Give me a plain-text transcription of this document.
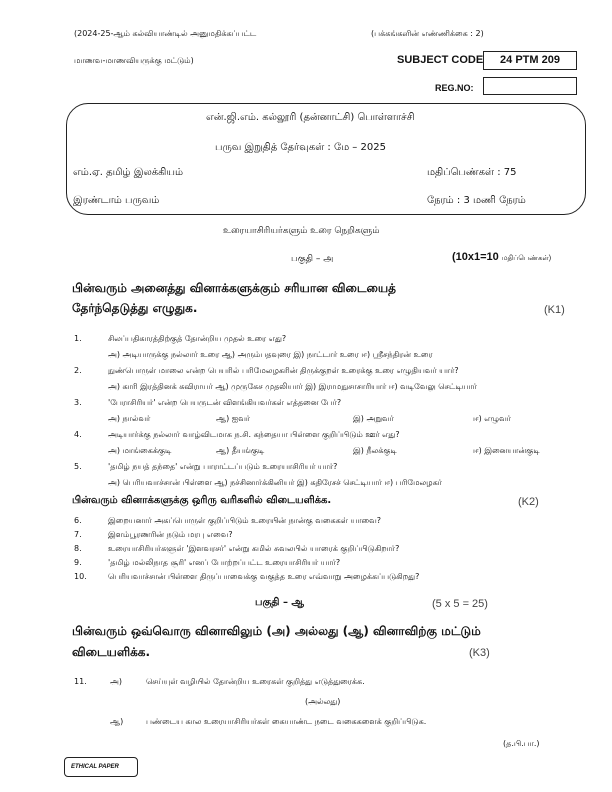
(2024-25-ஆம் கல்வியாண்டில் அனுமதிக்கப்பட்ட	(பக்கங்களின் எண்ணிக்கை : 2)
மாணவ-மாணவியருக்கு மட்டும்)	SUBJECT CODE	24 PTM 209
REG.NO:
என்.ஜி.எம். கல்லூரி (தன்னாட்சி) பொள்ளாச்சி
பருவ இறுதித் தேர்வுகள் : மே – 2025
எம்.ஏ. தமிழ் இலக்கியம்	மதிப்பெண்கள் : 75
இரண்டாம் பருவம்	நேரம் : 3 மணி நேரம்
உரையாசிரியர்களும் உரை நெறிகளும்
பகுதி – அ	(10x1=10 மதிப்பெண்கள்)
பின்வரும் அனைத்து வினாக்களுக்கும் சரியான விடையைத்
தேர்ந்தெடுத்து எழுதுக.	(K1)
1.	சிலப்பதிகாரத்திற்குத் தோன்றிய முதல் உரை எது?
அ) அடியாருக்கு நல்லார் உரை ஆ) அரும்பதவுரை இ) நாட்டார் உரை ஈ) ஸ்ரீசந்திரன் உரை
2.	நுண்பொருள் மாலை என்ற பெயரில் பரிமேலழகரின் திருக்குறள் உரைக்கு உரை எழுதியவர் யார்?
அ) காரி இரத்தினக் கவிராயர் ஆ) முருகேச முதலியார் இ) இராமநுசாசாரியார் ஈ) வடிவேலு செட்டியார்
3.	'பேராசிரியர்' என்ற பெயருடன் விளங்கியவர்கள் எத்தனை பேர்?
அ) நால்வர்	ஆ) ஐவர்	இ) அறுவர்	ஈ) எழுவர்
4.	அடியார்க்கு நல்லார் வாழ்விடமாக ந.சி. கந்தையா பிள்ளை குறிப்பிடும் ஊர் எது?
அ) மாங்கைக்குடி	ஆ) தீயங்குடி	இ) நீலக்குடி	ஈ) இனையான்குடி
5.	'தமிழ் நயத் தந்தை' என்று பாராட்டப்படும் உரையாசிரியர் யார்?
அ) பெரியவாச்சான் பிள்ளை ஆ) நச்சினார்க்கினியர் இ) கதிரேசச் செட்டியார் ஈ) பரிமேலழகர்
பின்வரும் வினாக்களுக்கு ஒரிரு வரிகளில் விடையளிக்க.	(K2)
6.	இறையனார் அகப்பொருள் குறிப்பிடும் உரையின் நான்கு வகைகள் யாவை?
7.	இளம்பூரணரின் நடும் மரபு எவை?
8.	உரையாசிரியர்களுள் 'இளவரசர்' என்று கமில் சுவலபில் யாரைக் குறிப்பிடுகிறார்?
9.	'தமிழ் மல்லிநாத சூரி' எனப் போற்றப்பட்ட உரையாசிரியர் யார்?
10.	பெரியவாச்சான் பிள்ளை திருப்பாவைக்கு வகுத்த உரை எவ்வாறு அழைக்கப்படுகிறது?
பகுதி – ஆ	(5 x 5 = 25)
பின்வரும் ஒவ்வொரு வினாவிலும் (அ) அல்லது (ஆ) வினாவிற்கு மட்டும்
விடையளிக்க.	(K3)
11.	அ)	செய்யுள் வழியில் தோன்றிய உரைகள் குறித்து எடுத்துரைக்க.
(அல்லது)
ஆ)	பண்டைய கால உரையாசிரியர்கள் கையாண்ட நடை வகைகளைக் குறிப்பிடுக.
(த.பி.பா.)
ETHICAL PAPER
